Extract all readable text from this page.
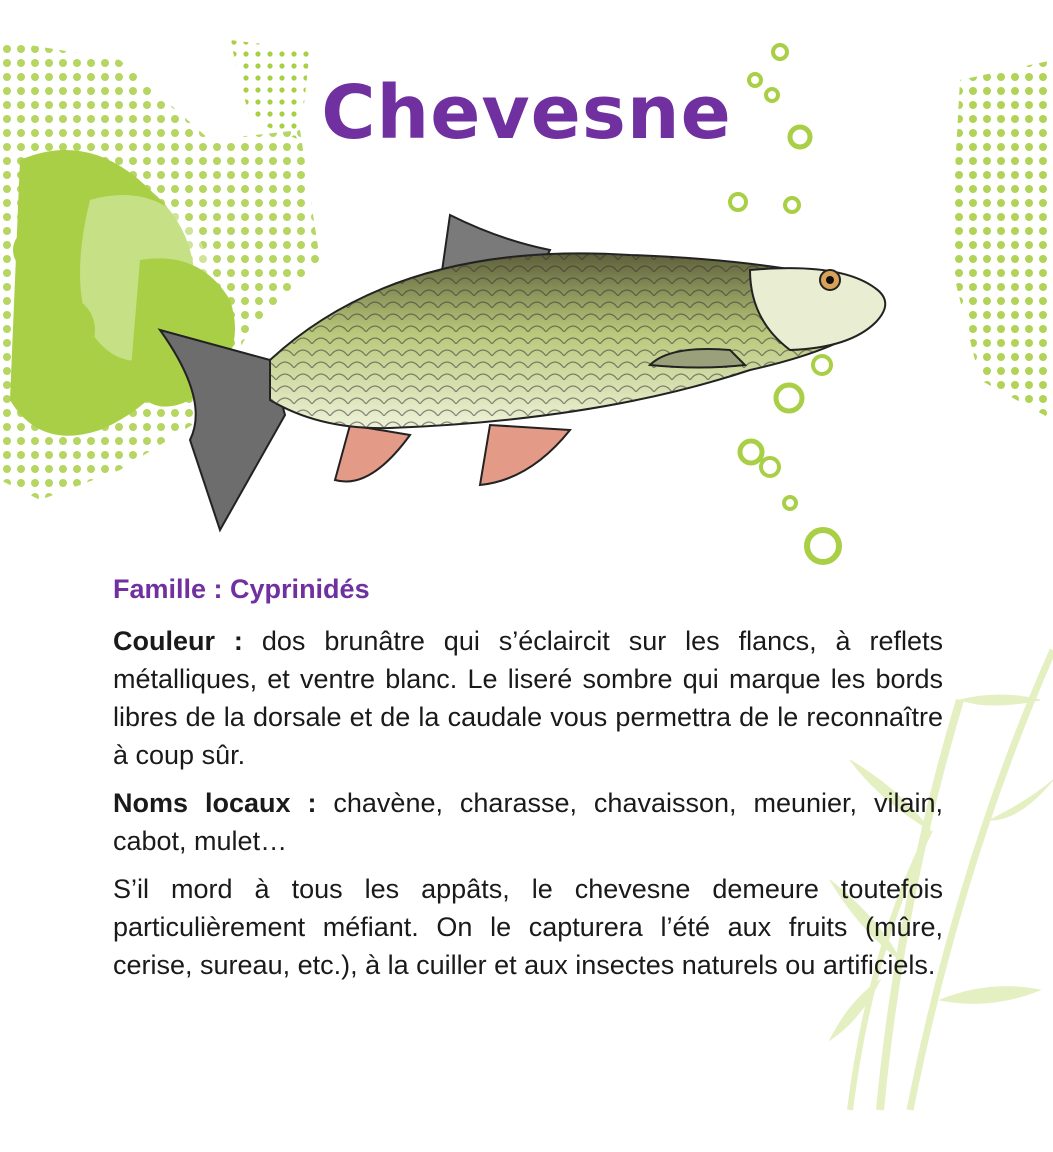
Chevesne

Famille : Cyprinidés

Couleur : dos brunâtre qui s’éclaircit sur les flancs, à reflets métalliques, et ventre blanc. Le liseré sombre qui marque les bords libres de la dorsale et de la caudale vous permettra de le reconnaître à coup sûr.

Noms locaux : chavène, charasse, chavaisson, meunier, vilain, cabot, mulet…

S’il mord à tous les appâts, le chevesne demeure toutefois particulièrement méfiant. On le capturera l’été aux fruits (mûre, cerise, sureau, etc.), à la cuiller et aux insectes naturels ou artificiels.
